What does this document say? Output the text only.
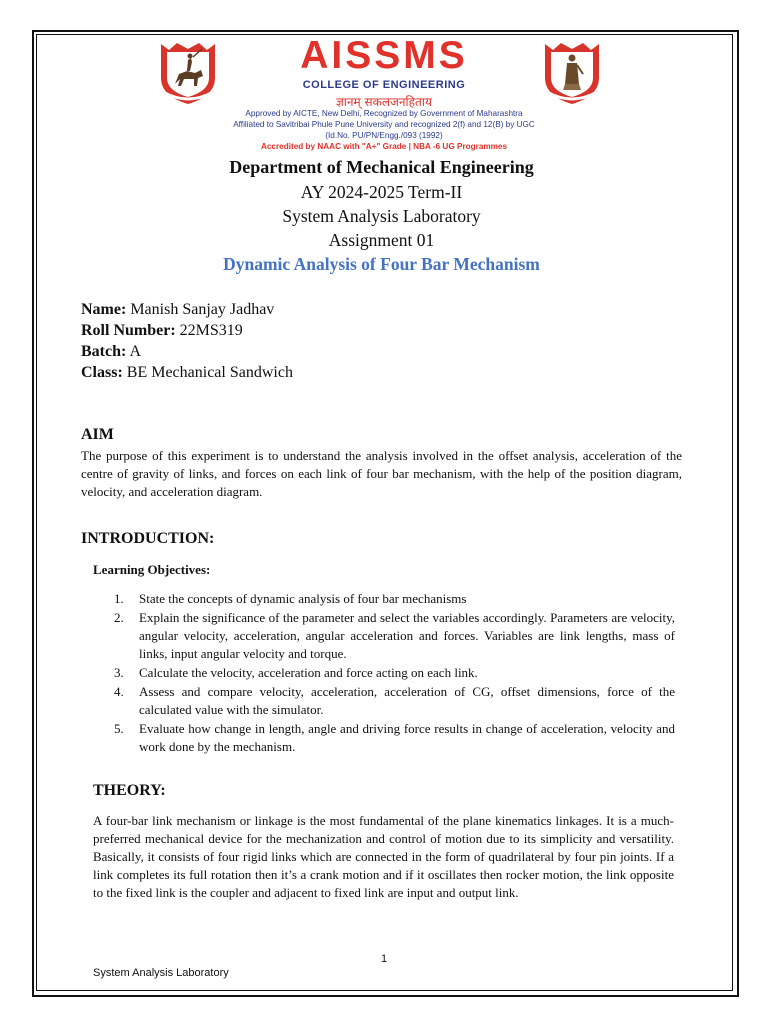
AISSMS
COLLEGE OF ENGINEERING
ज्ञानम् सकलजनहिताय
Approved by AICTE, New Delhi, Recognized by Government of Maharashtra
Affiliated to Savitribai Phule Pune University and recognized 2(f) and 12(B) by UGC
(Id.No. PU/PN/Engg./093 (1992)
Accredited by NAAC with "A+" Grade | NBA -6 UG Programmes
Department of Mechanical Engineering
AY 2024-2025 Term-II
System Analysis Laboratory
Assignment 01
Dynamic Analysis of Four Bar Mechanism
Name: Manish Sanjay Jadhav
Roll Number: 22MS319
Batch: A
Class: BE Mechanical Sandwich
AIM
The purpose of this experiment is to understand the analysis involved in the offset analysis, acceleration of the centre of gravity of links, and forces on each link of four bar mechanism, with the help of the position diagram, velocity, and acceleration diagram.
INTRODUCTION:
Learning Objectives:
1. State the concepts of dynamic analysis of four bar mechanisms
2. Explain the significance of the parameter and select the variables accordingly. Parameters are velocity, angular velocity, acceleration, angular acceleration and forces. Variables are link lengths, mass of links, input angular velocity and torque.
3. Calculate the velocity, acceleration and force acting on each link.
4. Assess and compare velocity, acceleration, acceleration of CG, offset dimensions, force of the calculated value with the simulator.
5. Evaluate how change in length, angle and driving force results in change of acceleration, velocity and work done by the mechanism.
THEORY:
A four-bar link mechanism or linkage is the most fundamental of the plane kinematics linkages. It is a much-preferred mechanical device for the mechanization and control of motion due to its simplicity and versatility. Basically, it consists of four rigid links which are connected in the form of quadrilateral by four pin joints. If a link completes its full rotation then it’s a crank motion and if it oscillates then rocker motion, the link opposite to the fixed link is the coupler and adjacent to fixed link are input and output link.
1
System Analysis Laboratory
